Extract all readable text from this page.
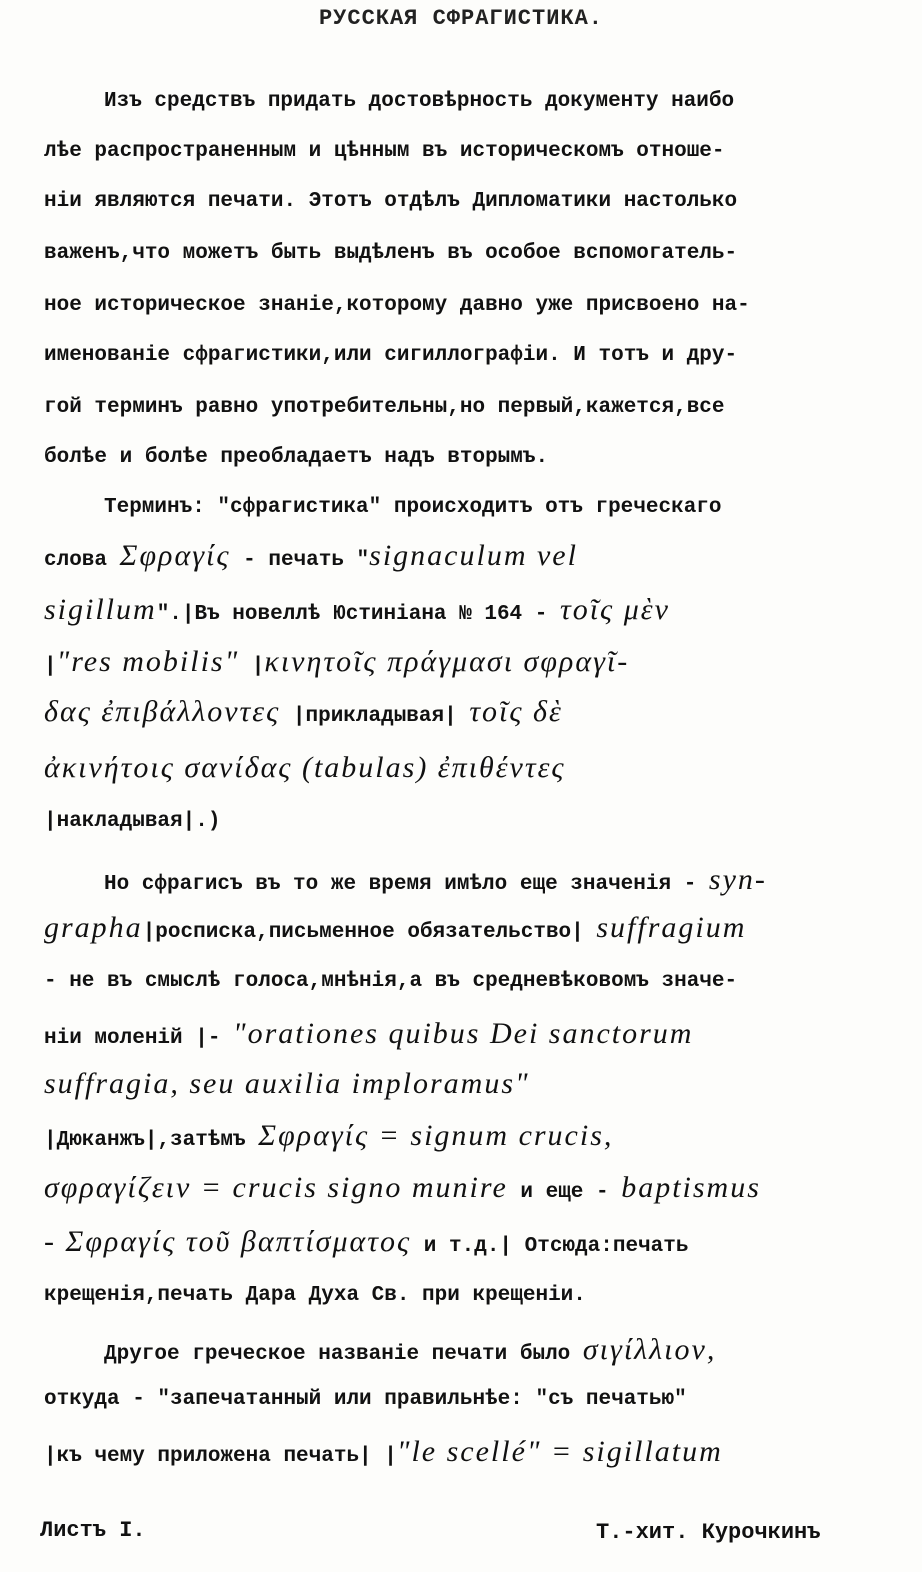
РУССКАЯ СФРАГИСТИКА.
Изъ средствъ придать достовѣрность документу наибо
лѣе распространенным и цѣнным въ историческомъ отноше-
нiи являются печати. Этотъ отдѣлъ Дипломатики настолько
важенъ,что можетъ быть выдѣленъ въ особое вспомогатель-
ное историческое знанiе,которому давно уже присвоено на-
именованiе сфрагистики,или сигиллографiи. И тотъ и дру-
гой терминъ равно употребительны,но первый,кажется,все
болѣе и болѣе преобладаетъ надъ вторымъ.
Терминъ: "сфрагистика" происходитъ отъ греческаго
слова Σφραγίς - печать "signaculum vel
sigillum".|Въ новеллѣ Юстинiана № 164 - τοῖς μὲν
|"res mobilis" |κινητοῖς πράγμασι σφραγῖ-
δας ἐπιβάλλοντες |прикладывая| τοῖς δὲ
ἀκινήτοις σανίδας (tabulas) ἐπιθέντες
|накладывая|.)
Но сфрагисъ въ то же время имѣло еще значенiя - syn-
grapha|роспиcка,письменное обязательство| suffragium
- не въ смыслѣ голоса,мнѣнiя,а въ средневѣковомъ значе-
нiи моленiй |- "orationes quibus Dei sanctorum
suffragia, seu auxilia imploramus"
|Дюканжъ|,затѣмъ Σφραγίς = signum crucis,
σφραγίζειν = crucis signo munire и еще - baptismus
- Σφραγίς τοῦ βαπτίσματος и т.д.| Отсюда:печать
крещенiя,печать Дара Духа Св. при крещенiи.
Другое греческое названiе печати было σιγίλλιον,
откуда - "запечатанный или правильнѣе: "съ печатью"
|къ чему приложена печать| |"le scellé" = sigillatum
Листъ I.	Т.-хит. Курочкинъ
